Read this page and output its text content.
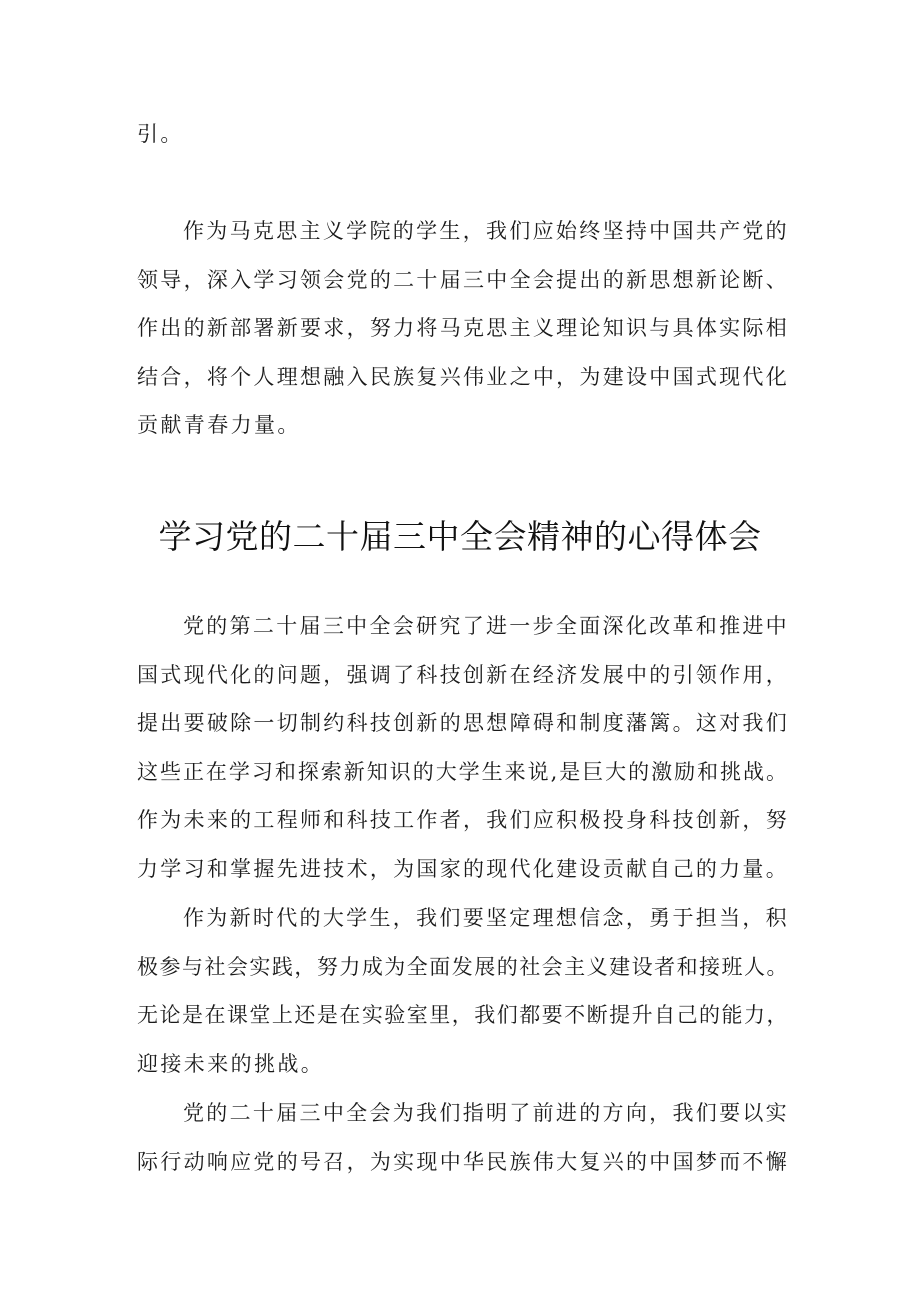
引。

作为马克思主义学院的学生，我们应始终坚持中国共产党的
领导，深入学习领会党的二十届三中全会提出的新思想新论断、
作出的新部署新要求，努力将马克思主义理论知识与具体实际相
结合，将个人理想融入民族复兴伟业之中，为建设中国式现代化
贡献青春力量。

学习党的二十届三中全会精神的心得体会

党的第二十届三中全会研究了进一步全面深化改革和推进中
国式现代化的问题，强调了科技创新在经济发展中的引领作用，
提出要破除一切制约科技创新的思想障碍和制度藩篱。这对我们
这些正在学习和探索新知识的大学生来说,是巨大的激励和挑战。
作为未来的工程师和科技工作者，我们应积极投身科技创新，努
力学习和掌握先进技术，为国家的现代化建设贡献自己的力量。

作为新时代的大学生，我们要坚定理想信念，勇于担当，积
极参与社会实践，努力成为全面发展的社会主义建设者和接班人。
无论是在课堂上还是在实验室里，我们都要不断提升自己的能力，
迎接未来的挑战。

党的二十届三中全会为我们指明了前进的方向，我们要以实
际行动响应党的号召，为实现中华民族伟大复兴的中国梦而不懈
